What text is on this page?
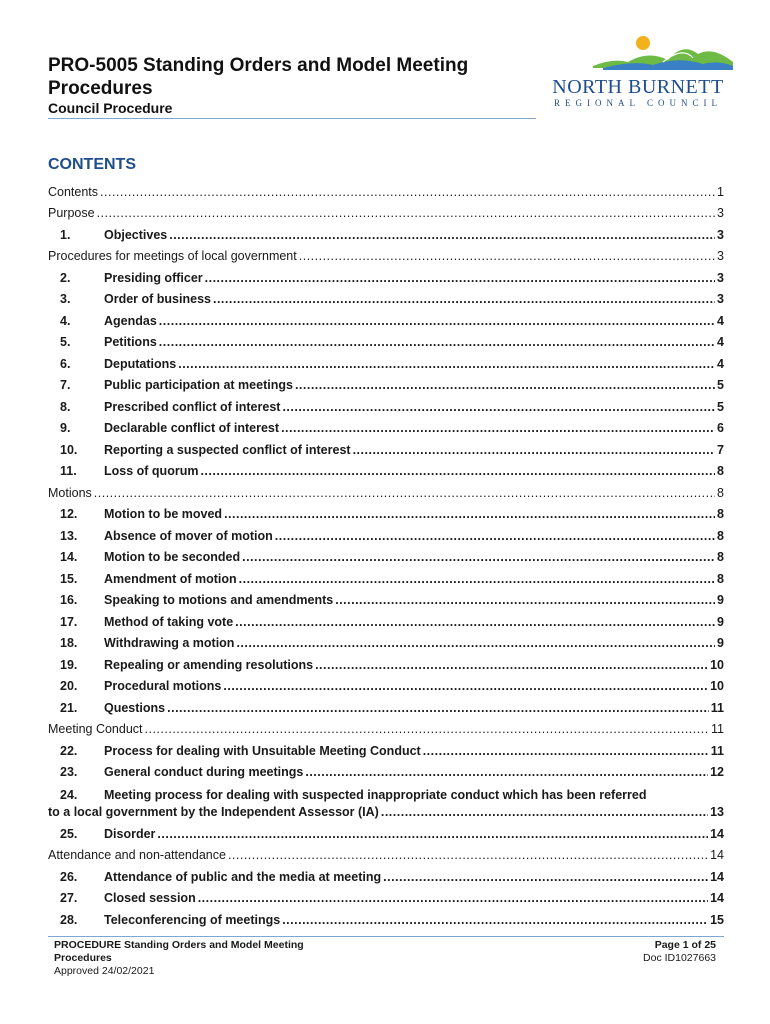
PRO-5005 Standing Orders and Model Meeting Procedures
Council Procedure
NORTH BURNETT
REGIONAL COUNCIL
CONTENTS
Contents .....	1
Purpose .....	3
1.	Objectives .....	3
Procedures for meetings of local government .....	3
2.	Presiding officer .....	3
3.	Order of business .....	3
4.	Agendas .....	4
5.	Petitions .....	4
6.	Deputations .....	4
7.	Public participation at meetings .....	5
8.	Prescribed conflict of interest .....	5
9.	Declarable conflict of interest .....	6
10.	Reporting a suspected conflict of interest .....	7
11.	Loss of quorum .....	8
Motions .....	8
12.	Motion to be moved .....	8
13.	Absence of mover of motion .....	8
14.	Motion to be seconded .....	8
15.	Amendment of motion .....	8
16.	Speaking to motions and amendments .....	9
17.	Method of taking vote .....	9
18.	Withdrawing a motion .....	9
19.	Repealing or amending resolutions .....	10
20.	Procedural motions .....	10
21.	Questions .....	11
Meeting Conduct .....	11
22.	Process for dealing with Unsuitable Meeting Conduct .....	11
23.	General conduct during meetings .....	12
24.	Meeting process for dealing with suspected inappropriate conduct which has been referred
to a local government by the Independent Assessor (IA) .....	13
25.	Disorder .....	14
Attendance and non-attendance .....	14
26.	Attendance of public and the media at meeting .....	14
27.	Closed session .....	14
28.	Teleconferencing of meetings .....	15
PROCEDURE Standing Orders and Model Meeting
Procedures
Approved 24/02/2021
Page 1 of 25
Doc ID1027663
